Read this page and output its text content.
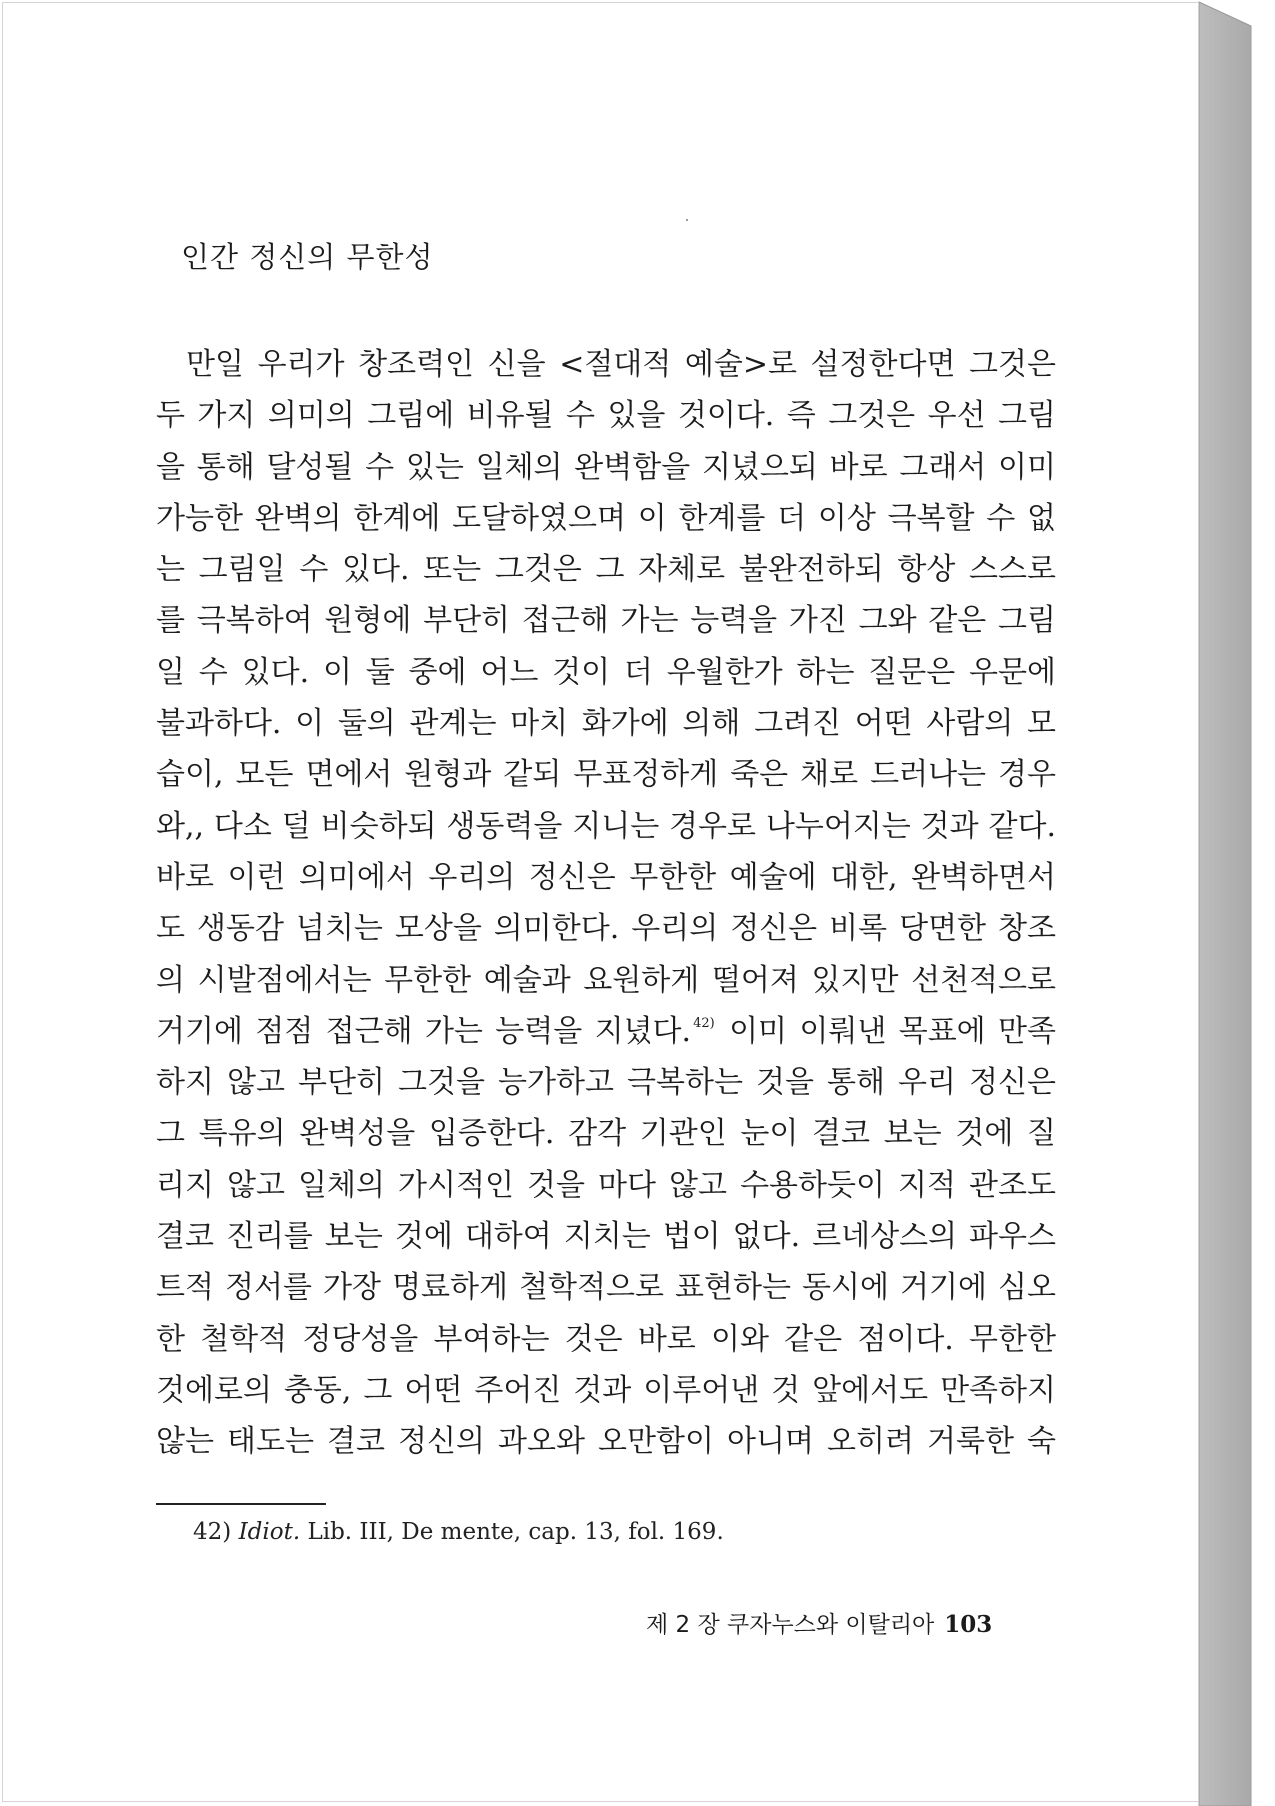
인간 정신의 무한성
만일 우리가 창조력인 신을 <절대적 예술>로 설정한다면 그것은
두 가지 의미의 그림에 비유될 수 있을 것이다. 즉 그것은 우선 그림
을 통해 달성될 수 있는 일체의 완벽함을 지녔으되 바로 그래서 이미
가능한 완벽의 한계에 도달하였으며 이 한계를 더 이상 극복할 수 없
는 그림일 수 있다. 또는 그것은 그 자체로 불완전하되 항상 스스로
를 극복하여 원형에 부단히 접근해 가는 능력을 가진 그와 같은 그림
일 수 있다. 이 둘 중에 어느 것이 더 우월한가 하는 질문은 우문에
불과하다. 이 둘의 관계는 마치 화가에 의해 그려진 어떤 사람의 모
습이, 모든 면에서 원형과 같되 무표정하게 죽은 채로 드러나는 경우
와,, 다소 덜 비슷하되 생동력을 지니는 경우로 나누어지는 것과 같다.
바로 이런 의미에서 우리의 정신은 무한한 예술에 대한, 완벽하면서
도 생동감 넘치는 모상을 의미한다. 우리의 정신은 비록 당면한 창조
의 시발점에서는 무한한 예술과 요원하게 떨어져 있지만 선천적으로
거기에 점점 접근해 가는 능력을 지녔다. $^{42)}$ 이미 이뤄낸 목표에 만족
하지 않고 부단히 그것을 능가하고 극복하는 것을 통해 우리 정신은
그 특유의 완벽성을 입증한다. 감각 기관인 눈이 결코 보는 것에 질
리지 않고 일체의 가시적인 것을 마다 않고 수용하듯이 지적 관조도
결코 진리를 보는 것에 대하여 지치는 법이 없다. 르네상스의 파우스
트적 정서를 가장 명료하게 철학적으로 표현하는 동시에 거기에 심오
한 철학적 정당성을 부여하는 것은 바로 이와 같은 점이다. 무한한
것에로의 충동, 그 어떤 주어진 것과 이루어낸 것 앞에서도 만족하지
않는 태도는 결코 정신의 과오와 오만함이 아니며 오히려 거룩한 숙
42) Idiot. Lib. III, De mente, cap. 13, fol. 169.
제 2 장 쿠자누스와 이탈리아 103
